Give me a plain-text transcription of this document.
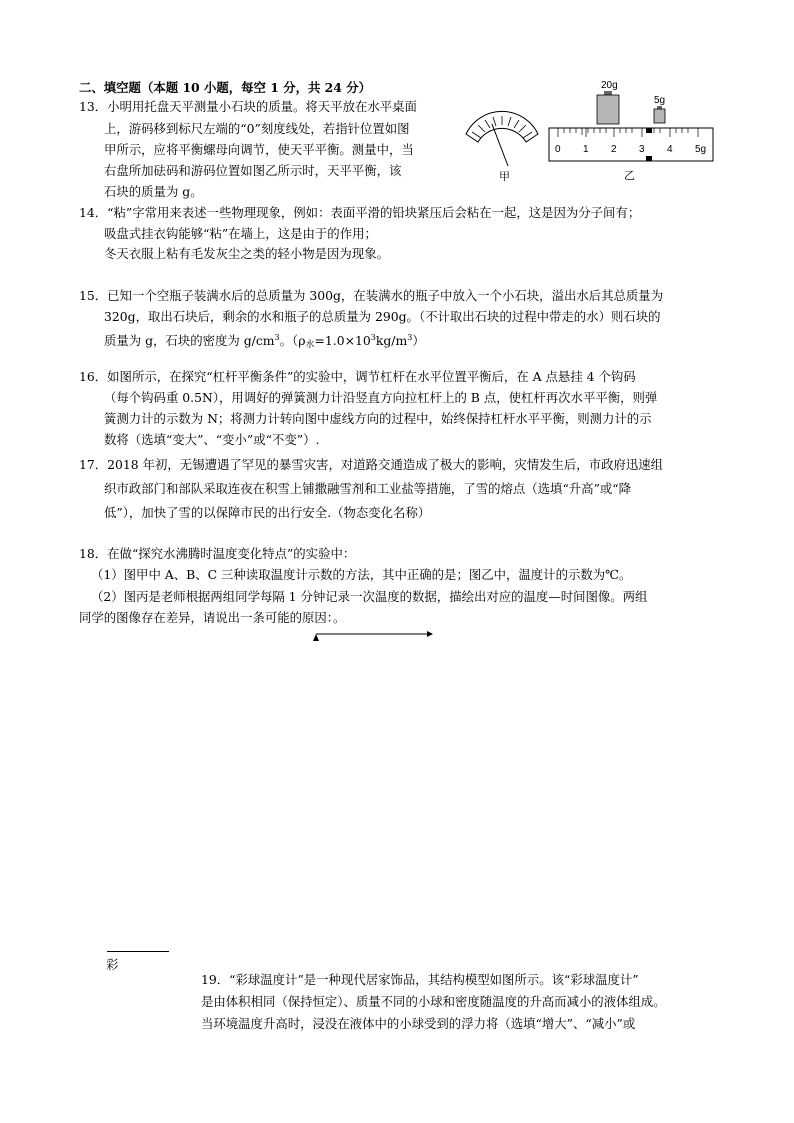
二、填空题（本题 10 小题，每空 1 分，共 24 分）
13．小明用托盘天平测量小石块的质量。将天平放在水平桌面
上，游码移到标尺左端的“0”刻度线处，若指针位置如图
甲所示，应将平衡螺母向调节，使天平平衡。测量中，当
右盘所加砝码和游码位置如图乙所示时，天平平衡，该
石块的质量为 g。
甲
20g
5g
0 1 2 3 4 5g
乙
14．“粘”字常用来表述一些物理现象，例如：表面平滑的铅块紧压后会粘在一起，这是因为分子间有；
吸盘式挂衣钩能够“粘”在墙上，这是由于的作用；
冬天衣服上粘有毛发灰尘之类的轻小物是因为现象。
15．已知一个空瓶子装满水后的总质量为 300g，在装满水的瓶子中放入一个小石块，溢出水后其总质量为
320g，取出石块后，剩余的水和瓶子的总质量为 290g。（不计取出石块的过程中带走的水）则石块的
质量为 g，石块的密度为 $g/cm^3$。$(\rho_水=1.0\times 10^3kg/m^3)$
16．如图所示，在探究“杠杆平衡条件”的实验中，调节杠杆在水平位置平衡后，在 A 点悬挂 4 个钩码
（每个钩码重 0.5N），用调好的弹簧测力计沿竖直方向拉杠杆上的 B 点，使杠杆再次水平平衡，则弹
簧测力计的示数为 N；将测力计转向图中虚线方向的过程中，始终保持杠杆水平平衡，则测力计的示
数将（选填“变大”、“变小”或“不变”）.
17．2018 年初，无锡遭遇了罕见的暴雪灾害，对道路交通造成了极大的影响，灾情发生后，市政府迅速组
织市政部门和部队采取连夜在积雪上铺撒融雪剂和工业盐等措施，了雪的熔点（选填“升高”或“降
低”），加快了雪的以保障市民的出行安全.（物态变化名称）
18．在做“探究水沸腾时温度变化特点”的实验中：
（1）图甲中 A、B、C 三种读取温度计示数的方法，其中正确的是；图乙中，温度计的示数为℃。
（2）图丙是老师根据两组同学每隔 1 分钟记录一次温度的数据，描绘出对应的温度—时间图像。两组
同学的图像存在差异，请说出一条可能的原因：。
彩
19．“彩球温度计”是一种现代居家饰品，其结构模型如图所示。该“彩球温度计”
是由体积相同（保持恒定）、质量不同的小球和密度随温度的升高而减小的液体组成。
当环境温度升高时，浸没在液体中的小球受到的浮力将（选填“增大”、“减小”或
